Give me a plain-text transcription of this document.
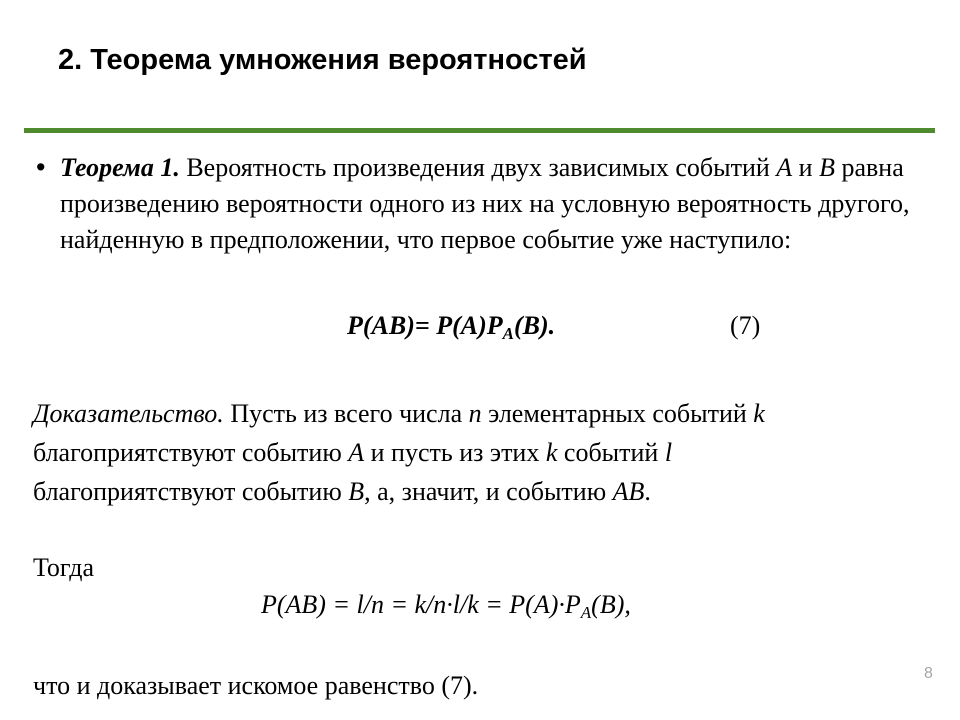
2. Теорема умножения вероятностей
• Теорема 1. Вероятность произведения двух зависимых событий А и В равна произведению вероятности одного из них на условную вероятность другого, найденную в предположении, что первое событие уже наступило:
$Р(АВ)= Р(А)Р_А(В)$.	(7)

Доказательство. Пусть из всего числа n элементарных событий k

благоприятствуют событию А и пусть из этих k событий l

благоприятствуют событию В, а, значит, и событию АВ.

Тогда
$P(AB) = l/n = k/n\cdot l/k = P(A)\cdot P_A(B)$,
что и доказывает искомое равенство (7).	8
